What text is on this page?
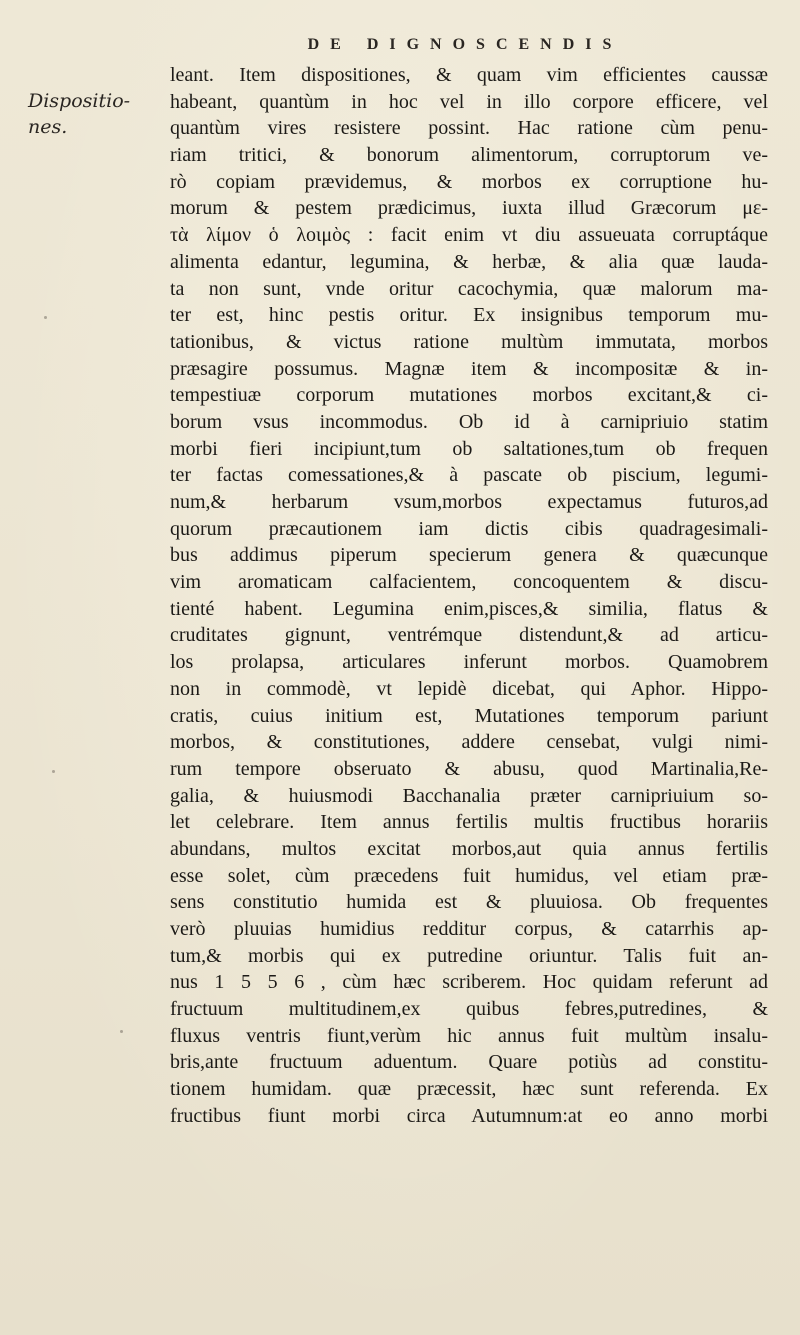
DE DIGNOSCENDIS
Dispositio-
nes.
leant. Item dispositiones, & quam vim efficientes caussæ
habeant, quantùm in hoc vel in illo corpore efficere, vel
quantùm vires resistere possint. Hac ratione cùm penu-
riam tritici, & bonorum alimentorum, corruptorum ve-
rò copiam prævidemus, & morbos ex corruptione hu-
morum & pestem prædicimus, iuxta illud Græcorum με-
τὰ λίμον ὁ λοιμὸς : facit enim vt diu assueuata corruptáque
alimenta edantur, legumina, & herbæ, & alia quæ lauda-
ta non sunt, vnde oritur cacochymia, quæ malorum ma-
ter est, hinc pestis oritur. Ex insignibus temporum mu-
tationibus, & victus ratione multùm immutata, morbos
præsagire possumus. Magnæ item & incompositæ & in-
tempestiuæ corporum mutationes morbos excitant,& ci-
borum vsus incommodus. Ob id à carnipriuio statim
morbi fieri incipiunt,tum ob saltationes,tum ob frequen
ter factas comessationes,& à pascate ob piscium, legumi-
num,& herbarum vsum,morbos expectamus futuros,ad
quorum præcautionem iam dictis cibis quadragesimali-
bus addimus piperum specierum genera & quæcunque
vim aromaticam calfacientem, concoquentem & discu-
tienté habent. Legumina enim,pisces,& similia, flatus &
cruditates gignunt, ventrémque distendunt,& ad articu-
los prolapsa, articulares inferunt morbos. Quamobrem
non in commodè, vt lepidè dicebat, qui Aphor. Hippo-
cratis, cuius initium est, Mutationes temporum pariunt
morbos, & constitutiones, addere censebat, vulgi nimi-
rum tempore obseruato & abusu, quod Martinalia,Re-
galia, & huiusmodi Bacchanalia præter carnipriuium so-
let celebrare. Item annus fertilis multis fructibus horariis
abundans, multos excitat morbos,aut quia annus fertilis
esse solet, cùm præcedens fuit humidus, vel etiam præ-
sens constitutio humida est & pluuiosa. Ob frequentes
verò pluuias humidius redditur corpus, & catarrhis ap-
tum,& morbis qui ex putredine oriuntur. Talis fuit an-
nus 1 5 5 6 , cùm hæc scriberem. Hoc quidam referunt ad
fructuum multitudinem,ex quibus febres,putredines, &
fluxus ventris fiunt,verùm hic annus fuit multùm insalu-
bris,ante fructuum aduentum. Quare potiùs ad constitu-
tionem humidam. quæ præcessit, hæc sunt referenda. Ex
fructibus fiunt morbi circa Autumnum:at eo anno morbi
